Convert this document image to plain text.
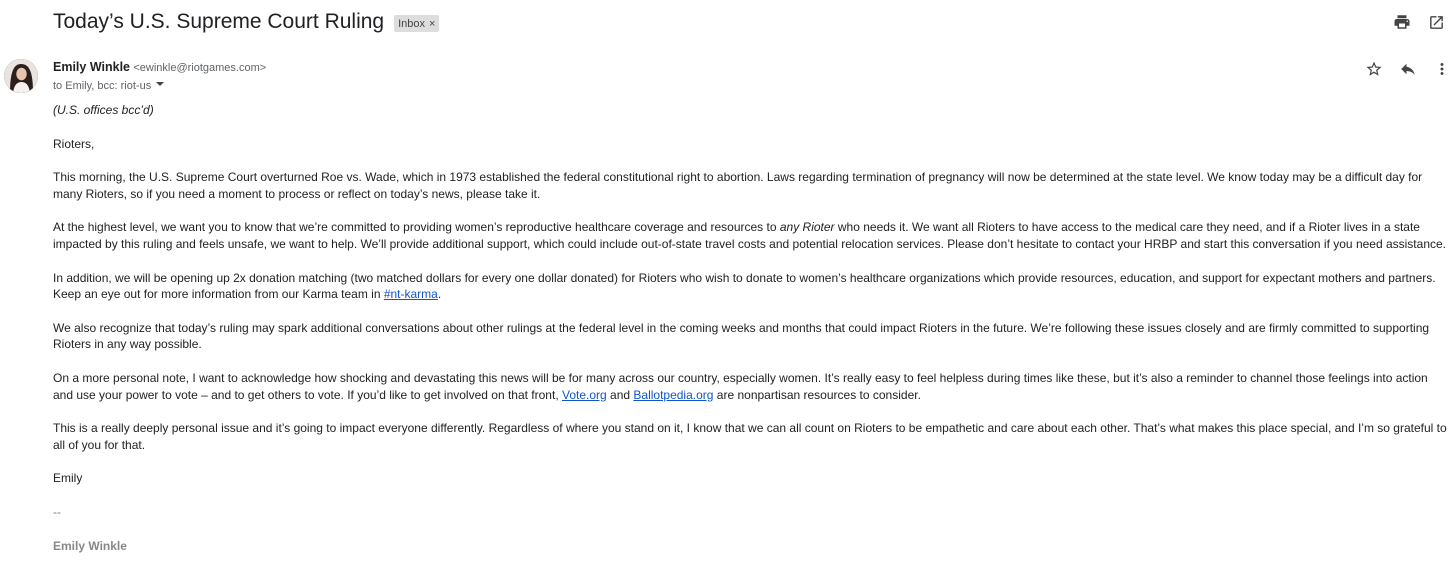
Today’s U.S. Supreme Court Ruling Inbox ×
Emily Winkle <ewinkle@riotgames.com>
to Emily, bcc: riot-us

(U.S. offices bcc’d)

Rioters,

This morning, the U.S. Supreme Court overturned Roe vs. Wade, which in 1973 established the federal constitutional right to abortion. Laws regarding termination of pregnancy will now be determined at the state level. We know today may be a difficult day for many Rioters, so if you need a moment to process or reflect on today’s news, please take it.

At the highest level, we want you to know that we’re committed to providing women’s reproductive healthcare coverage and resources to any Rioter who needs it. We want all Rioters to have access to the medical care they need, and if a Rioter lives in a state impacted by this ruling and feels unsafe, we want to help. We’ll provide additional support, which could include out-of-state travel costs and potential relocation services. Please don’t hesitate to contact your HRBP and start this conversation if you need assistance.

In addition, we will be opening up 2x donation matching (two matched dollars for every one dollar donated) for Rioters who wish to donate to women’s healthcare organizations which provide resources, education, and support for expectant mothers and partners. Keep an eye out for more information from our Karma team in #nt-karma.

We also recognize that today’s ruling may spark additional conversations about other rulings at the federal level in the coming weeks and months that could impact Rioters in the future. We’re following these issues closely and are firmly committed to supporting Rioters in any way possible.

On a more personal note, I want to acknowledge how shocking and devastating this news will be for many across our country, especially women. It’s really easy to feel helpless during times like these, but it’s also a reminder to channel those feelings into action and use your power to vote – and to get others to vote. If you’d like to get involved on that front, Vote.org and Ballotpedia.org are nonpartisan resources to consider.

This is a really deeply personal issue and it’s going to impact everyone differently. Regardless of where you stand on it, I know that we can all count on Rioters to be empathetic and care about each other. That’s what makes this place special, and I’m so grateful to all of you for that.

Emily

--

Emily Winkle
